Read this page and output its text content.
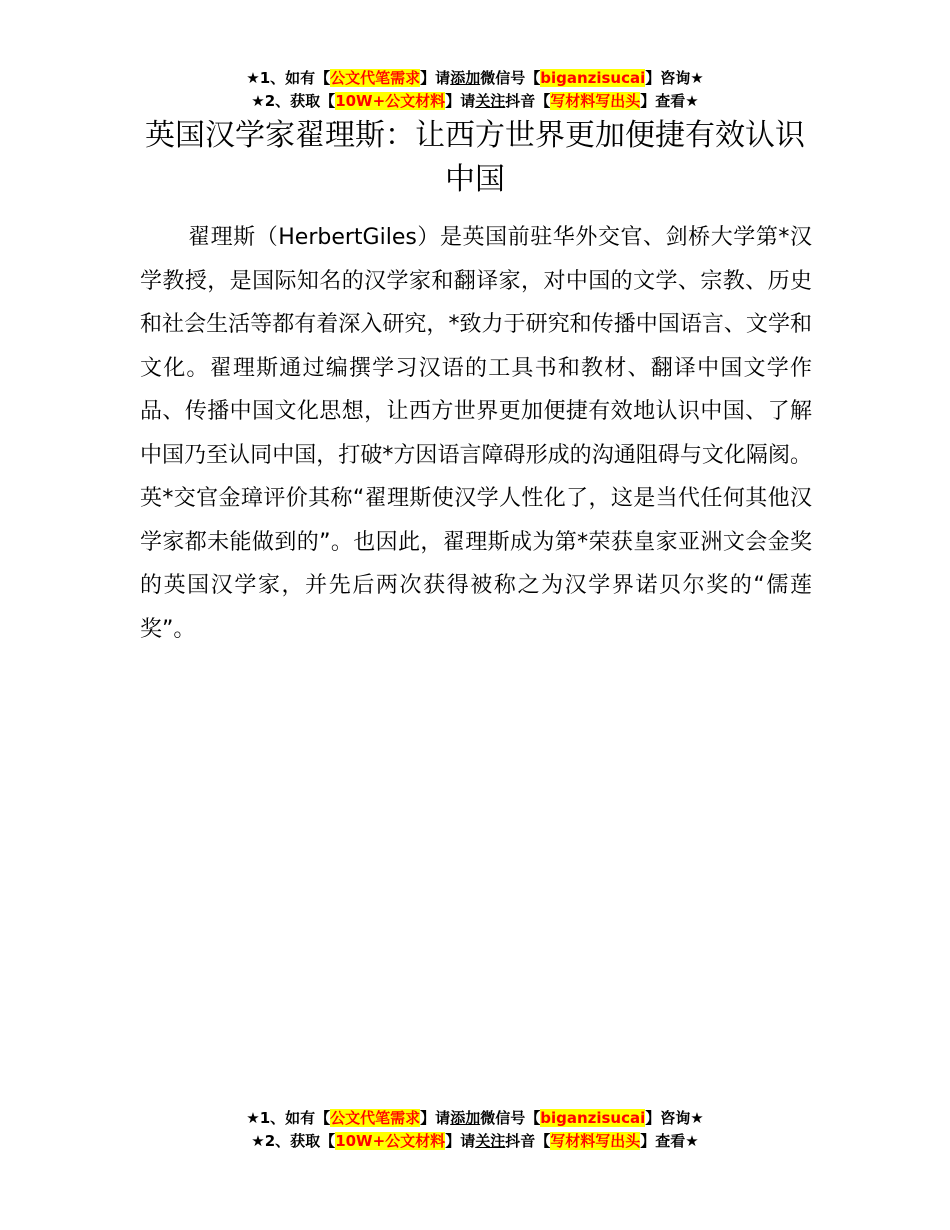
★1、如有【公文代笔需求】请添加微信号【biganzisucai】咨询★
★2、获取【10W+公文材料】请关注抖音【写材料写出头】查看★
英国汉学家翟理斯：让西方世界更加便捷有效认识中国

翟理斯（HerbertGiles）是英国前驻华外交官、剑桥大学第*汉学教授，是国际知名的汉学家和翻译家，对中国的文学、宗教、历史和社会生活等都有着深入研究，*致力于研究和传播中国语言、文学和文化。翟理斯通过编撰学习汉语的工具书和教材、翻译中国文学作品、传播中国文化思想，让西方世界更加便捷有效地认识中国、了解中国乃至认同中国，打破*方因语言障碍形成的沟通阻碍与文化隔阂。英*交官金璋评价其称“翟理斯使汉学人性化了，这是当代任何其他汉学家都未能做到的”。也因此，翟理斯成为第*荣获皇家亚洲文会金奖的英国汉学家，并先后两次获得被称之为汉学界诺贝尔奖的“儒莲奖”。

★1、如有【公文代笔需求】请添加微信号【biganzisucai】咨询★
★2、获取【10W+公文材料】请关注抖音【写材料写出头】查看★
